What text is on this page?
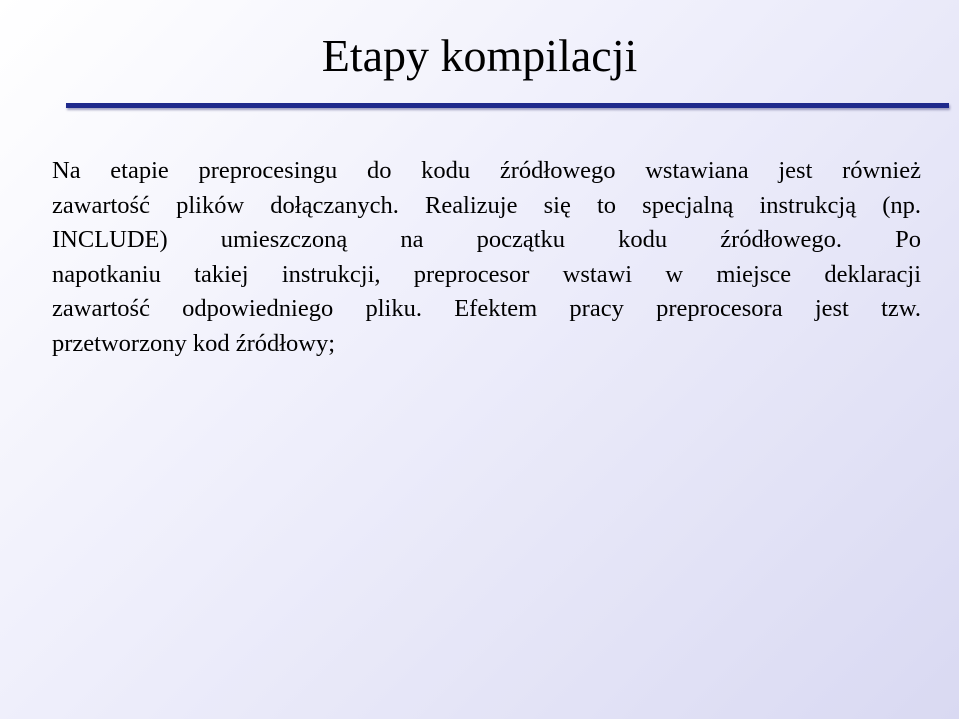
Etapy kompilacji

Na etapie preprocesingu do kodu źródłowego wstawiana jest również
zawartość plików dołączanych. Realizuje się to specjalną instrukcją (np.
INCLUDE) umieszczoną na początku kodu źródłowego. Po
napotkaniu takiej instrukcji, preprocesor wstawi w miejsce deklaracji
zawartość odpowiedniego pliku. Efektem pracy preprocesora jest tzw.
przetworzony kod źródłowy;
